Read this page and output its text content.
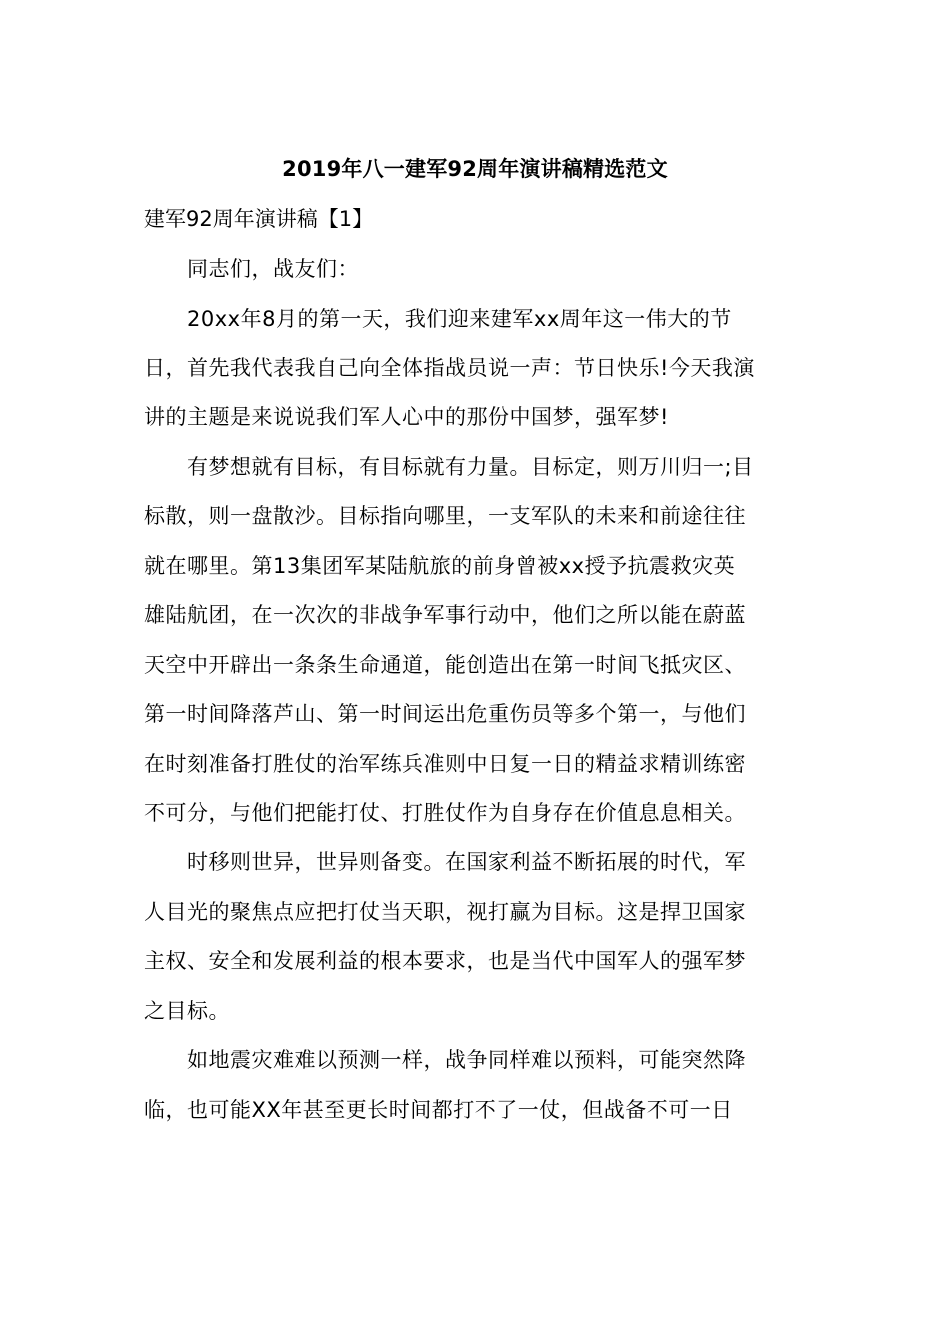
2019年八一建军92周年演讲稿精选范文
建军92周年演讲稿【1】
同志们，战友们：
20xx年8月的第一天，我们迎来建军xx周年这一伟大的节
日，首先我代表我自己向全体指战员说一声：节日快乐!今天我演
讲的主题是来说说我们军人心中的那份中国梦，强军梦!
有梦想就有目标，有目标就有力量。目标定，则万川归一;目
标散，则一盘散沙。目标指向哪里，一支军队的未来和前途往往
就在哪里。第13集团军某陆航旅的前身曾被xx授予抗震救灾英
雄陆航团，在一次次的非战争军事行动中，他们之所以能在蔚蓝
天空中开辟出一条条生命通道，能创造出在第一时间飞抵灾区、
第一时间降落芦山、第一时间运出危重伤员等多个第一，与他们
在时刻准备打胜仗的治军练兵准则中日复一日的精益求精训练密
不可分，与他们把能打仗、打胜仗作为自身存在价值息息相关。
时移则世异，世异则备变。在国家利益不断拓展的时代，军
人目光的聚焦点应把打仗当天职，视打赢为目标。这是捍卫国家
主权、安全和发展利益的根本要求，也是当代中国军人的强军梦
之目标。
如地震灾难难以预测一样，战争同样难以预料，可能突然降
临，也可能XX年甚至更长时间都打不了一仗，但战备不可一日
